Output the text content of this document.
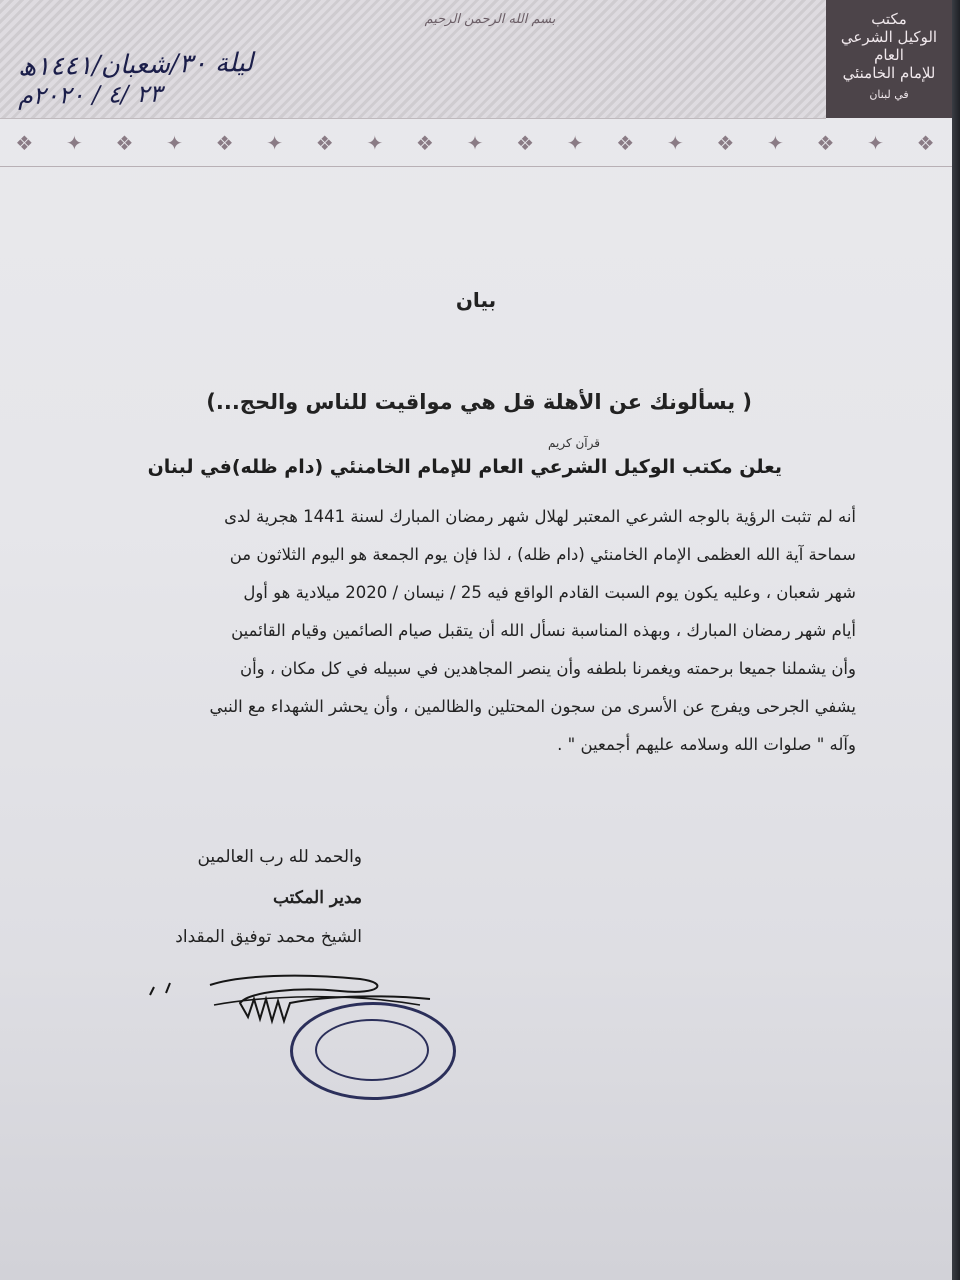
بسم الله الرحمن الرحيم
ليلة ٣٠/شعبان/١٤٤١ھ
٢٣ /٤ / ٢٠٢٠م
مكتب
الوكيل الشرعي العام
للإمام الخامنئي
في لبنان
❖ ✦ ❖ ✦ ❖ ✦ ❖ ✦ ❖ ✦ ❖ ✦ ❖ ✦ ❖ ✦ ❖ ✦ ❖
بيان
( يسألونك عن الأهلة قل هي مواقيت للناس والحج...)
قرآن كريم
يعلن مكتب الوكيل الشرعي العام للإمام الخامنئي (دام ظله)في لبنان
أنه لم تثبت الرؤية بالوجه الشرعي المعتبر لهلال شهر رمضان المبارك لسنة 1441 هجرية لدى
سماحة آية الله العظمى الإمام الخامنئي (دام ظله) ، لذا فإن يوم الجمعة هو اليوم الثلاثون من
شهر شعبان ، وعليه يكون يوم السبت القادم الواقع فيه 25 / نيسان / 2020 ميلادية هو أول
أيام شهر رمضان المبارك ، وبهذه المناسبة نسأل الله أن يتقبل صيام الصائمين وقيام القائمين
وأن يشملنا جميعا برحمته ويغمرنا بلطفه وأن ينصر المجاهدين في سبيله في كل مكان ، وأن
يشفي الجرحى ويفرج عن الأسرى من سجون المحتلين والظالمين ، وأن يحشر الشهداء مع النبي
وآله " صلوات الله وسلامه عليهم أجمعين " .
والحمد لله رب العالمين
مدير المكتب
الشيخ محمد توفيق المقداد
